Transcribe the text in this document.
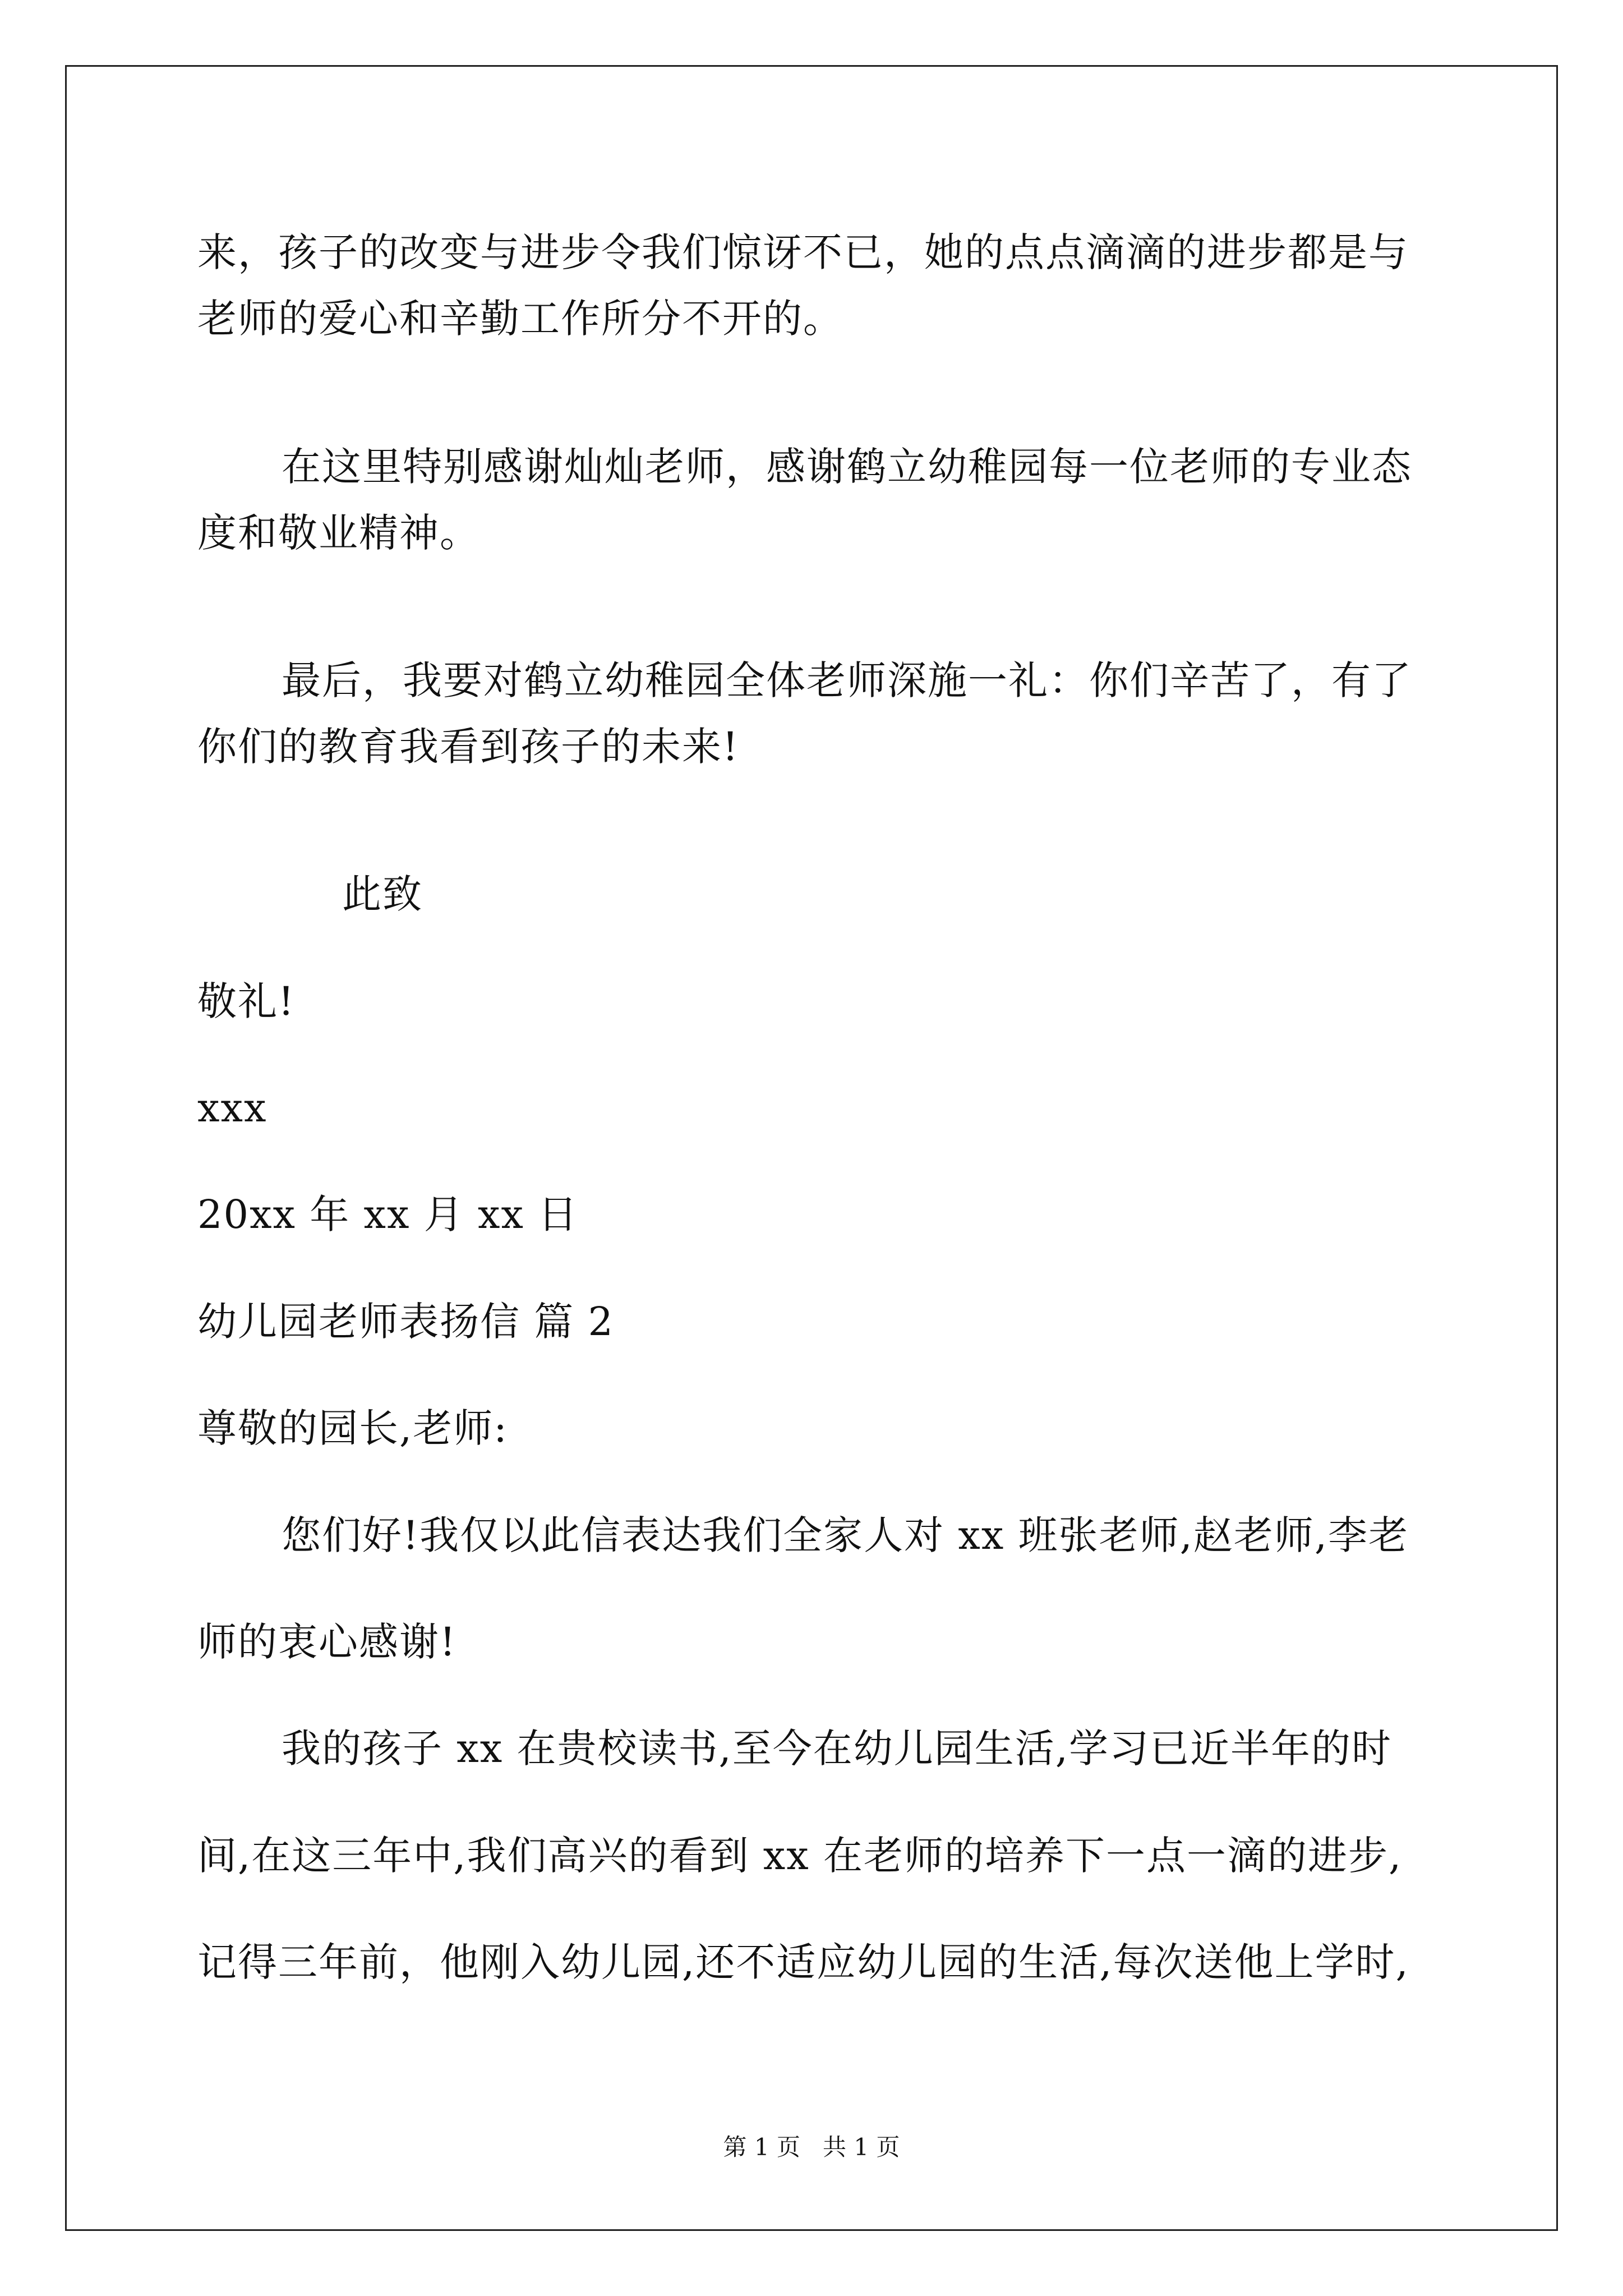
来，孩子的改变与进步令我们惊讶不已，她的点点滴滴的进步都是与
老师的爱心和辛勤工作所分不开的。
在这里特别感谢灿灿老师，感谢鹤立幼稚园每一位老师的专业态
度和敬业精神。
最后，我要对鹤立幼稚园全体老师深施一礼：你们辛苦了，有了
你们的教育我看到孩子的未来!
此致
敬礼!
xxx
20xx 年 xx 月 xx 日
幼儿园老师表扬信 篇 2
尊敬的园长,老师:
您们好!我仅以此信表达我们全家人对 xx 班张老师,赵老师,李老
师的衷心感谢!
我的孩子 xx 在贵校读书,至今在幼儿园生活,学习已近半年的时
间,在这三年中,我们高兴的看到 xx 在老师的培养下一点一滴的进步,
记得三年前，他刚入幼儿园,还不适应幼儿园的生活,每次送他上学时,
第 1 页   共 1 页
